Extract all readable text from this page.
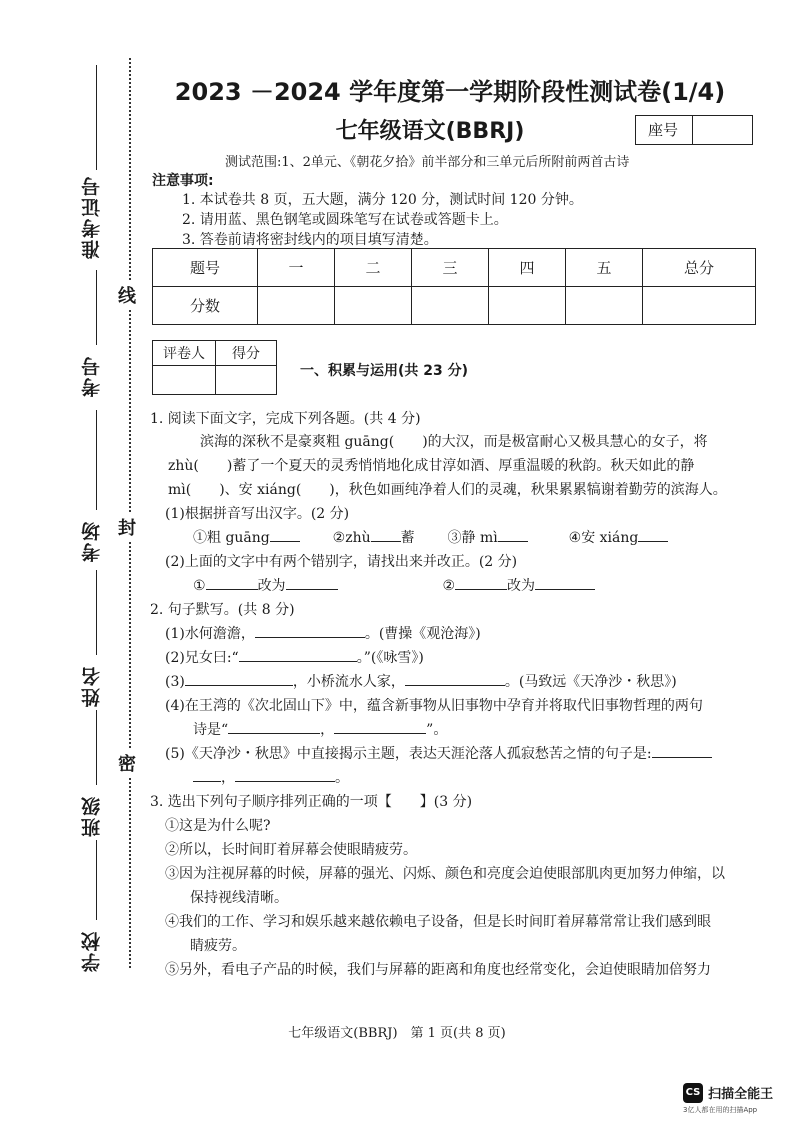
准考证号
考号
考场
姓名
班级
学校
线
封
密
2023 －2024 学年度第一学期阶段性测试卷(1/4)
七年级语文(BBRJ)	座号
测试范围:1、2单元、《朝花夕拾》前半部分和三单元后所附前两首古诗
注意事项:
1. 本试卷共 8 页，五大题，满分 120 分，测试时间 120 分钟。
2. 请用蓝、黑色钢笔或圆珠笔写在试卷或答题卡上。
3. 答卷前请将密封线内的项目填写清楚。
题号	一	二	三	四	五	总分
分数						
评卷人	得分

一、积累与运用(共 23 分)
1. 阅读下面文字，完成下列各题。(共 4 分)
滨海的深秋不是豪爽粗 guāng(　　)的大汉，而是极富耐心又极具慧心的女子，将
zhù(　　)蓄了一个夏天的灵秀悄悄地化成甘淳如酒、厚重温暖的秋韵。秋天如此的静
mì(　　)、安 xiáng(　　)，秋色如画纯净着人们的灵魂，秋果累累犒谢着勤劳的滨海人。
(1)根据拼音写出汉字。(2 分)
①粗 guāng	②zhù 蓄 ③静 mì	④安 xiáng
(2)上面的文字中有两个错别字，请找出来并改正。(2 分)
①	改为	②	改为
2. 句子默写。(共 8 分)
(1)水何澹澹，	。(曹操《观沧海》)
(2)兄女曰:“	。”(《咏雪》)
(3)	，小桥流水人家，	。(马致远《天净沙・秋思》)
(4)在王湾的《次北固山下》中，蕴含新事物从旧事物中孕育并将取代旧事物哲理的两句
诗是“	，	”。
(5)《天净沙・秋思》中直接揭示主题，表达天涯沦落人孤寂愁苦之情的句子是:
，	。
3. 选出下列句子顺序排列正确的一项【　　】(3 分)
①这是为什么呢?
②所以，长时间盯着屏幕会使眼睛疲劳。
③因为注视屏幕的时候，屏幕的强光、闪烁、颜色和亮度会迫使眼部肌肉更加努力伸缩，以
保持视线清晰。
④我们的工作、学习和娱乐越来越依赖电子设备，但是长时间盯着屏幕常常让我们感到眼
睛疲劳。
⑤另外，看电子产品的时候，我们与屏幕的距离和角度也经常变化，会迫使眼睛加倍努力
七年级语文(BBRJ)　第 1 页(共 8 页)
CS 扫描全能王
3亿人都在用的扫描App
